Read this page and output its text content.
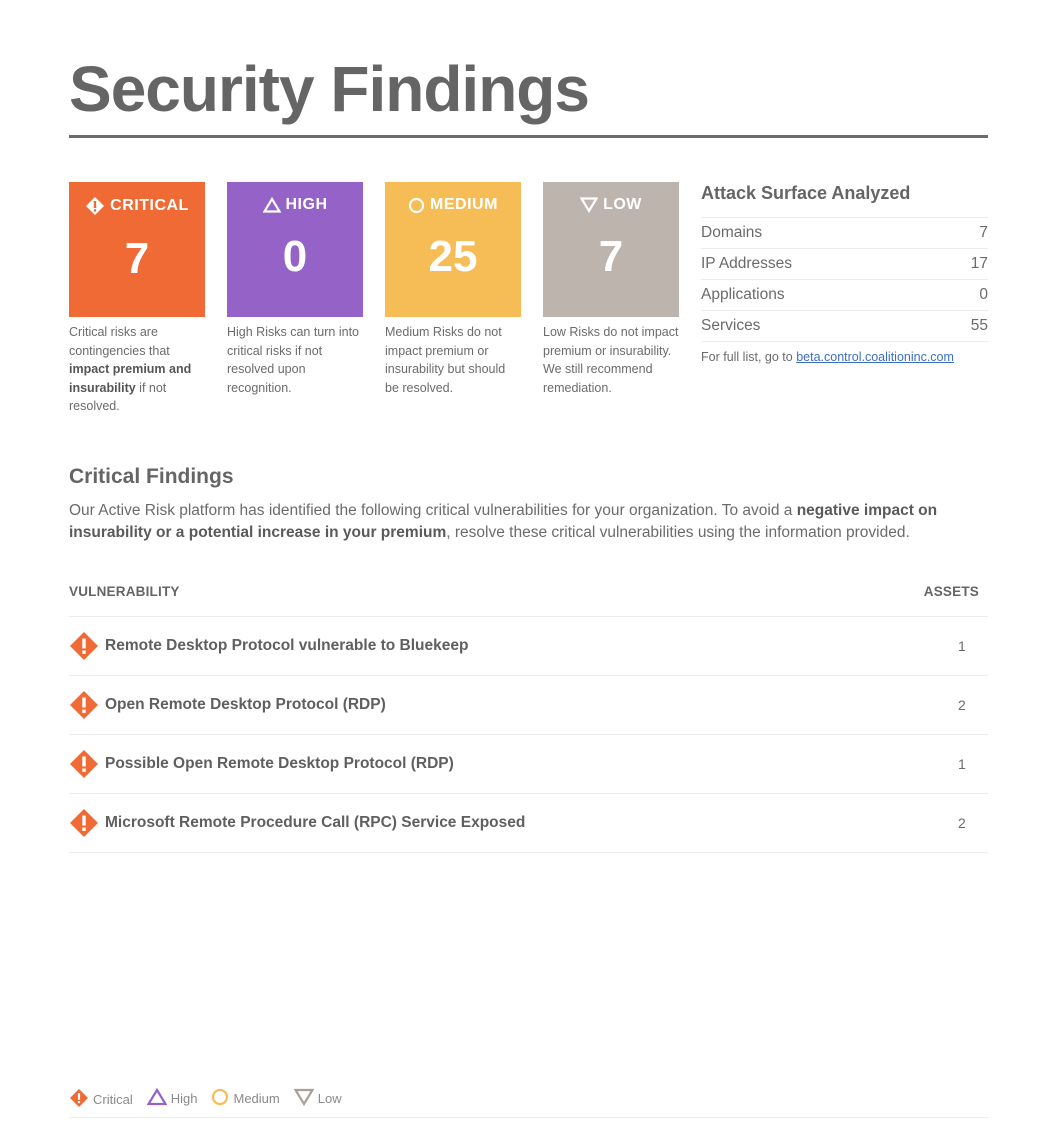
Security Findings
CRITICAL
7
HIGH
0
MEDIUM
25
LOW
7
Critical risks are contingencies that impact premium and insurability if not resolved.
High Risks can turn into critical risks if not resolved upon recognition.
Medium Risks do not impact premium or insurability but should be resolved.
Low Risks do not impact premium or insurability. We still recommend remediation.
Attack Surface Analyzed
Domains	7
IP Addresses	17
Applications	0
Services	55
For full list, go to beta.control.coalitioninc.com
Critical Findings
Our Active Risk platform has identified the following critical vulnerabilities for your organization. To avoid a negative impact on insurability or a potential increase in your premium, resolve these critical vulnerabilities using the information provided.
VULNERABILITY	ASSETS
Remote Desktop Protocol vulnerable to Bluekeep	1
Open Remote Desktop Protocol (RDP)	2
Possible Open Remote Desktop Protocol (RDP)	1
Microsoft Remote Procedure Call (RPC) Service Exposed	2
Critical	High	Medium	Low
